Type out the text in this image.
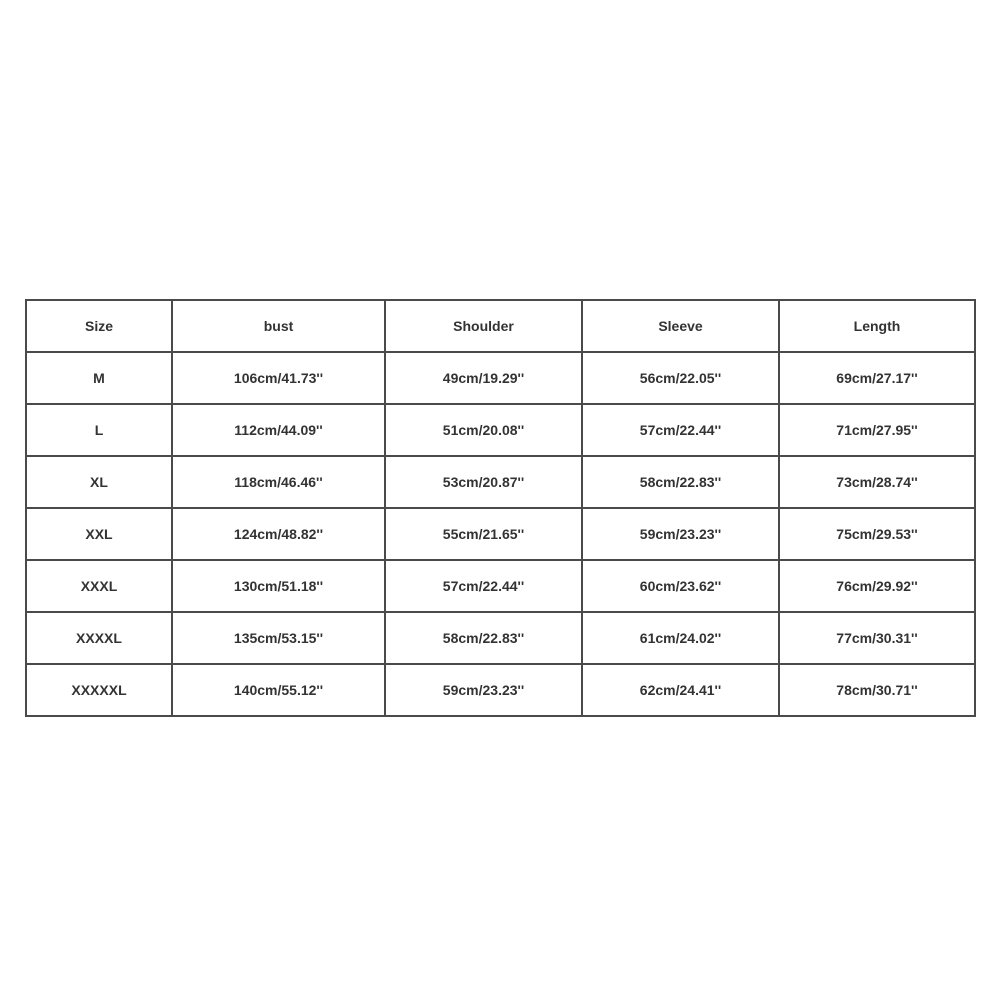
Size	bust	Shoulder	Sleeve	Length
M	106cm/41.73''	49cm/19.29''	56cm/22.05''	69cm/27.17''
L	112cm/44.09''	51cm/20.08''	57cm/22.44''	71cm/27.95''
XL	118cm/46.46''	53cm/20.87''	58cm/22.83''	73cm/28.74''
XXL	124cm/48.82''	55cm/21.65''	59cm/23.23''	75cm/29.53''
XXXL	130cm/51.18''	57cm/22.44''	60cm/23.62''	76cm/29.92''
XXXXL	135cm/53.15''	58cm/22.83''	61cm/24.02''	77cm/30.31''
XXXXXL	140cm/55.12''	59cm/23.23''	62cm/24.41''	78cm/30.71''
